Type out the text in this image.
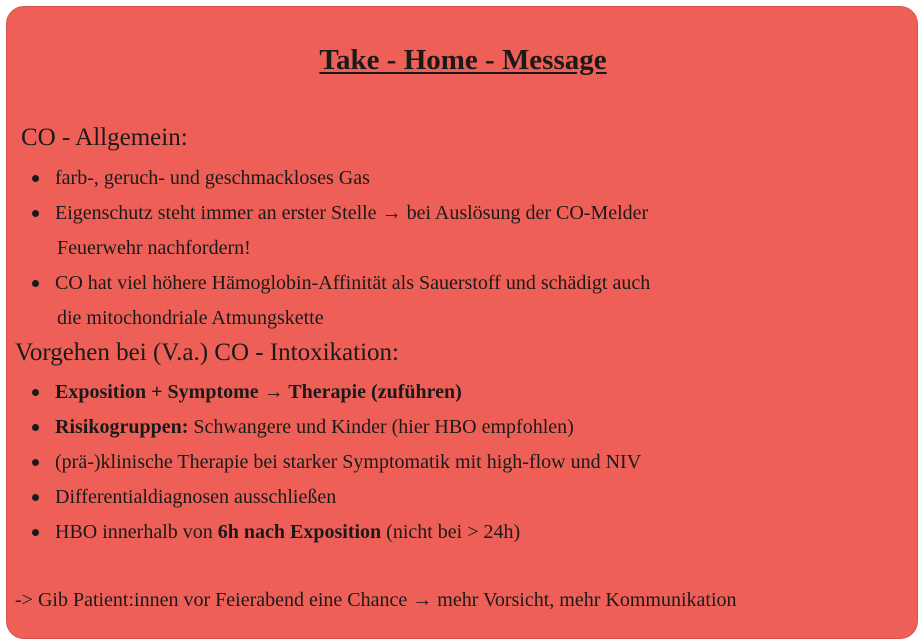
Take - Home - Message
CO - Allgemein:
farb-, geruch- und geschmackloses Gas
Eigenschutz steht immer an erster Stelle → bei Auslösung der CO-Melder
Feuerwehr nachfordern!
CO hat viel höhere Hämoglobin-Affinität als Sauerstoff und schädigt auch
die mitochondriale Atmungskette
Vorgehen bei (V.a.) CO - Intoxikation:
Exposition + Symptome → Therapie (zuführen)
Risikogruppen: Schwangere und Kinder (hier HBO empfohlen)
(prä-)klinische Therapie bei starker Symptomatik mit high-flow und NIV
Differentialdiagnosen ausschließen
HBO innerhalb von 6h nach Exposition (nicht bei > 24h)
-> Gib Patient:innen vor Feierabend eine Chance → mehr Vorsicht, mehr Kommunikation
